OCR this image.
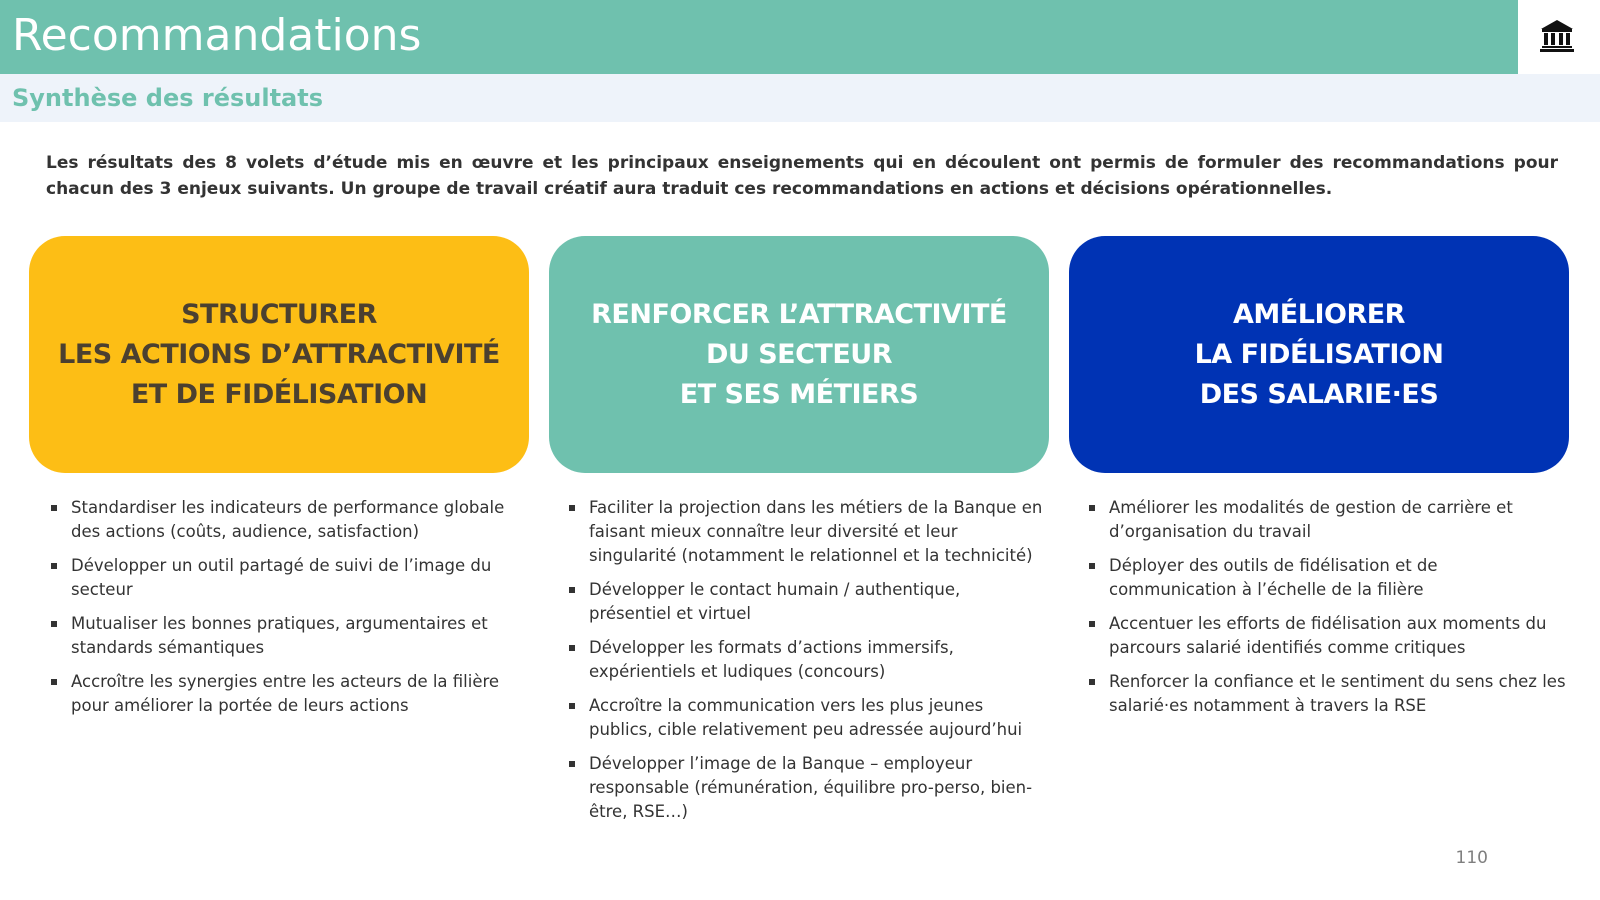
Recommandations
Synthèse des résultats

Les résultats des 8 volets d’étude mis en œuvre et les principaux enseignements qui en découlent ont permis de formuler des recommandations pour chacun des 3 enjeux suivants. Un groupe de travail créatif aura traduit ces recommandations en actions et décisions opérationnelles.

STRUCTURER
LES ACTIONS D’ATTRACTIVITÉ
ET DE FIDÉLISATION
RENFORCER L’ATTRACTIVITÉ
DU SECTEUR
ET SES MÉTIERS
AMÉLIORER
LA FIDÉLISATION
DES SALARIE·ES
Standardiser les indicateurs de performance globale des actions (coûts, audience, satisfaction)
Développer un outil partagé de suivi de l’image du secteur
Mutualiser les bonnes pratiques, argumentaires et standards sémantiques
Accroître les synergies entre les acteurs de la filière pour améliorer la portée de leurs actions
Faciliter la projection dans les métiers de la Banque en faisant mieux connaître leur diversité et leur singularité (notamment le relationnel et la technicité)
Développer le contact humain / authentique, présentiel et virtuel
Développer les formats d’actions immersifs, expérientiels et ludiques (concours)
Accroître la communication vers les plus jeunes publics, cible relativement peu adressée aujourd’hui
Développer l’image de la Banque – employeur responsable (rémunération, équilibre pro-perso, bien-être, RSE…)
Améliorer les modalités de gestion de carrière et d’organisation du travail
Déployer des outils de fidélisation et de communication à l’échelle de la filière
Accentuer les efforts de fidélisation aux moments du parcours salarié identifiés comme critiques
Renforcer la confiance et le sentiment du sens chez les salarié·es notamment à travers la RSE
110
